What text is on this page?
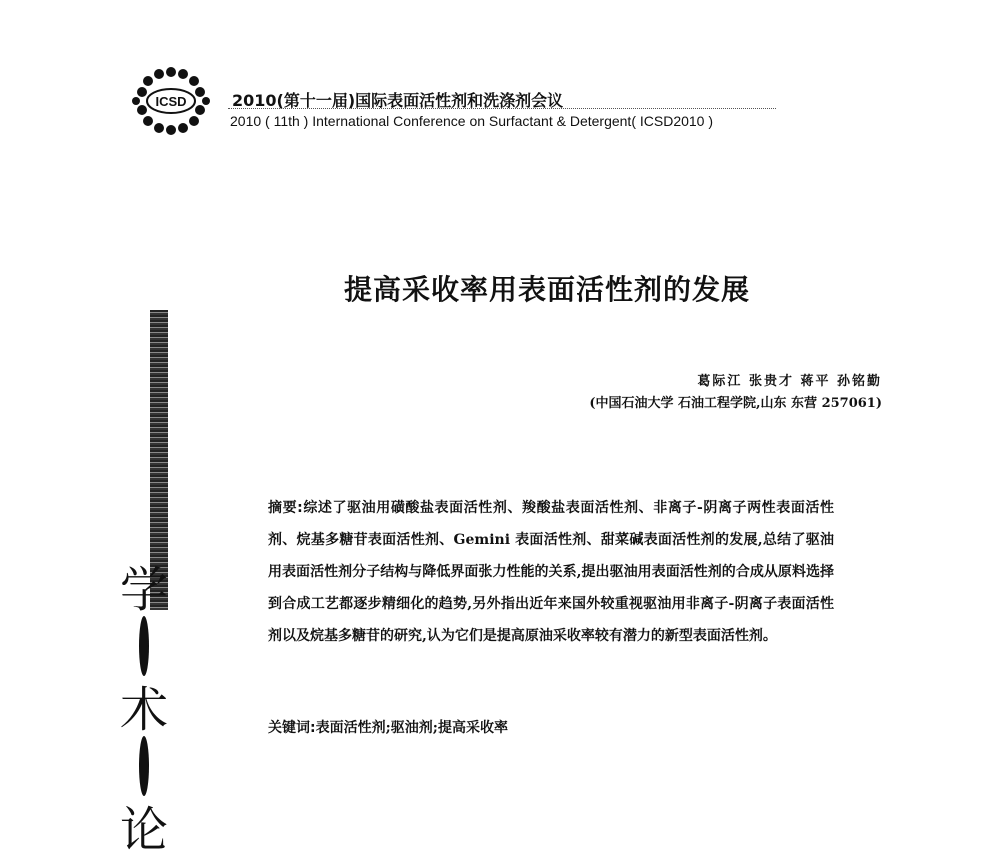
ICSD	2010(第十一届)国际表面活性剂和洗涤剂会议
2010 ( 11th ) International Conference on Surfactant & Detergent( ICSD2010 )
提高采收率用表面活性剂的发展
葛际江 张贵才 蒋平 孙铭勤
(中国石油大学 石油工程学院,山东 东营 257061)
学
术
论
摘要:综述了驱油用磺酸盐表面活性剂、羧酸盐表面活性剂、非离子-阴离子两性表面活性剂、烷基多糖苷表面活性剂、Gemini 表面活性剂、甜菜碱表面活性剂的发展,总结了驱油用表面活性剂分子结构与降低界面张力性能的关系,提出驱油用表面活性剂的合成从原料选择到合成工艺都逐步精细化的趋势,另外指出近年来国外较重视驱油用非离子-阴离子表面活性剂以及烷基多糖苷的研究,认为它们是提高原油采收率较有潜力的新型表面活性剂。
关键词:表面活性剂;驱油剂;提高采收率
